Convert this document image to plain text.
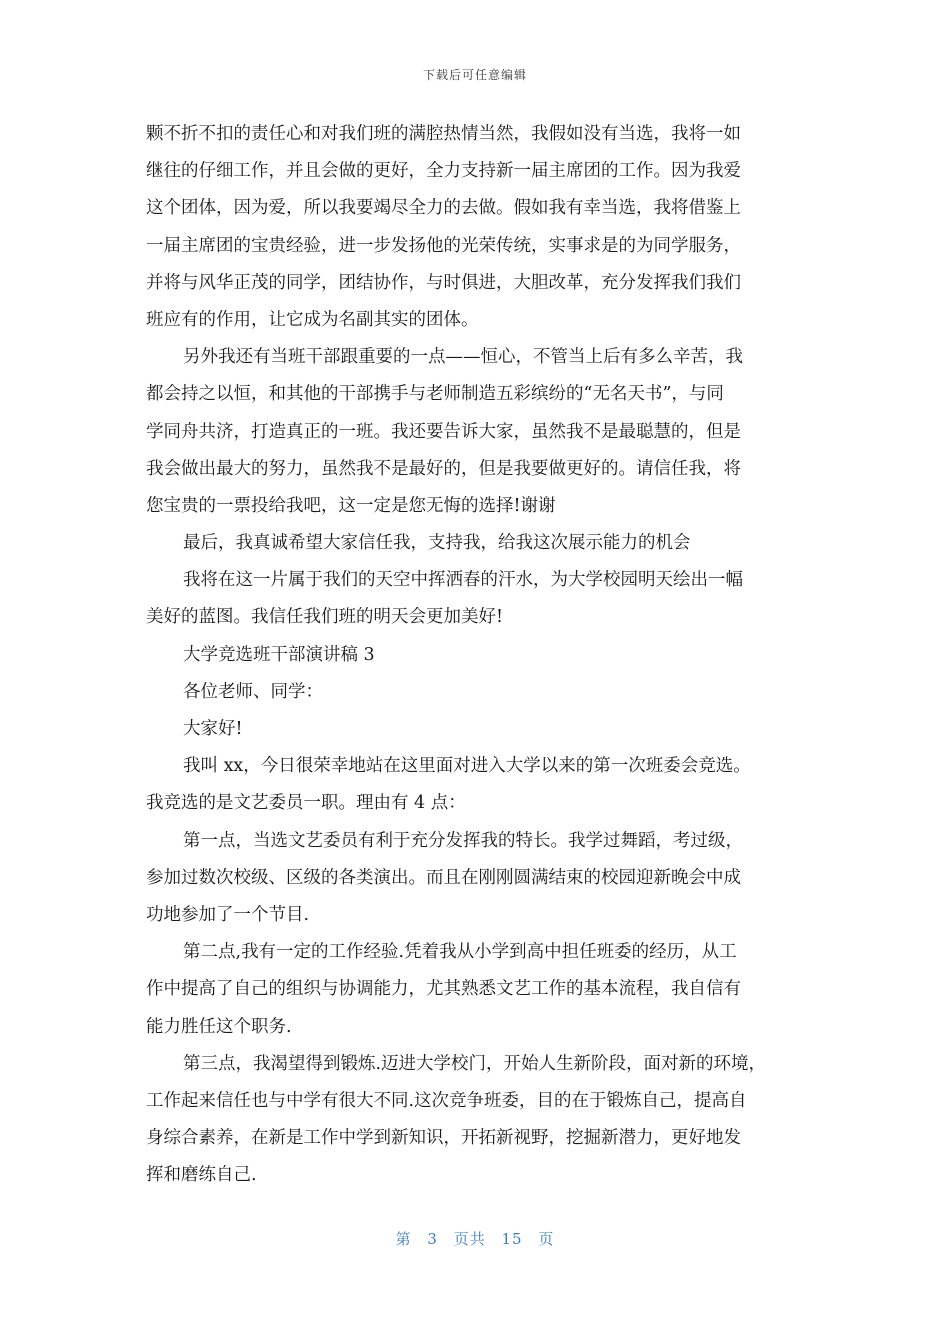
下载后可任意编辑
颗不折不扣的责任心和对我们班的满腔热情当然，我假如没有当选，我将一如
继往的仔细工作，并且会做的更好，全力支持新一届主席团的工作。因为我爱
这个团体，因为爱，所以我要竭尽全力的去做。假如我有幸当选，我将借鉴上
一届主席团的宝贵经验，进一步发扬他的光荣传统，实事求是的为同学服务，
并将与风华正茂的同学，团结协作，与时俱进，大胆改革，充分发挥我们我们
班应有的作用，让它成为名副其实的团体。
另外我还有当班干部跟重要的一点——恒心，不管当上后有多么辛苦，我
都会持之以恒，和其他的干部携手与老师制造五彩缤纷的“无名天书”，与同
学同舟共济，打造真正的一班。我还要告诉大家，虽然我不是最聪慧的，但是
我会做出最大的努力，虽然我不是最好的，但是我要做更好的。请信任我，将
您宝贵的一票投给我吧，这一定是您无悔的选择!谢谢
最后，我真诚希望大家信任我，支持我，给我这次展示能力的机会
我将在这一片属于我们的天空中挥洒春的汗水，为大学校园明天绘出一幅
美好的蓝图。我信任我们班的明天会更加美好!
大学竞选班干部演讲稿 3
各位老师、同学：
大家好!
我叫 xx，今日很荣幸地站在这里面对进入大学以来的第一次班委会竞选。
我竞选的是文艺委员一职。理由有 4 点：
第一点，当选文艺委员有利于充分发挥我的特长。我学过舞蹈，考过级，
参加过数次校级、区级的各类演出。而且在刚刚圆满结束的校园迎新晚会中成
功地参加了一个节目.
第二点,我有一定的工作经验.凭着我从小学到高中担任班委的经历，从工
作中提高了自己的组织与协调能力，尤其熟悉文艺工作的基本流程，我自信有
能力胜任这个职务.
第三点，我渴望得到锻炼.迈进大学校门，开始人生新阶段，面对新的环境，
工作起来信任也与中学有很大不同.这次竞争班委，目的在于锻炼自己，提高自
身综合素养，在新是工作中学到新知识，开拓新视野，挖掘新潜力，更好地发
挥和磨练自己.
第 3 页共 15 页
